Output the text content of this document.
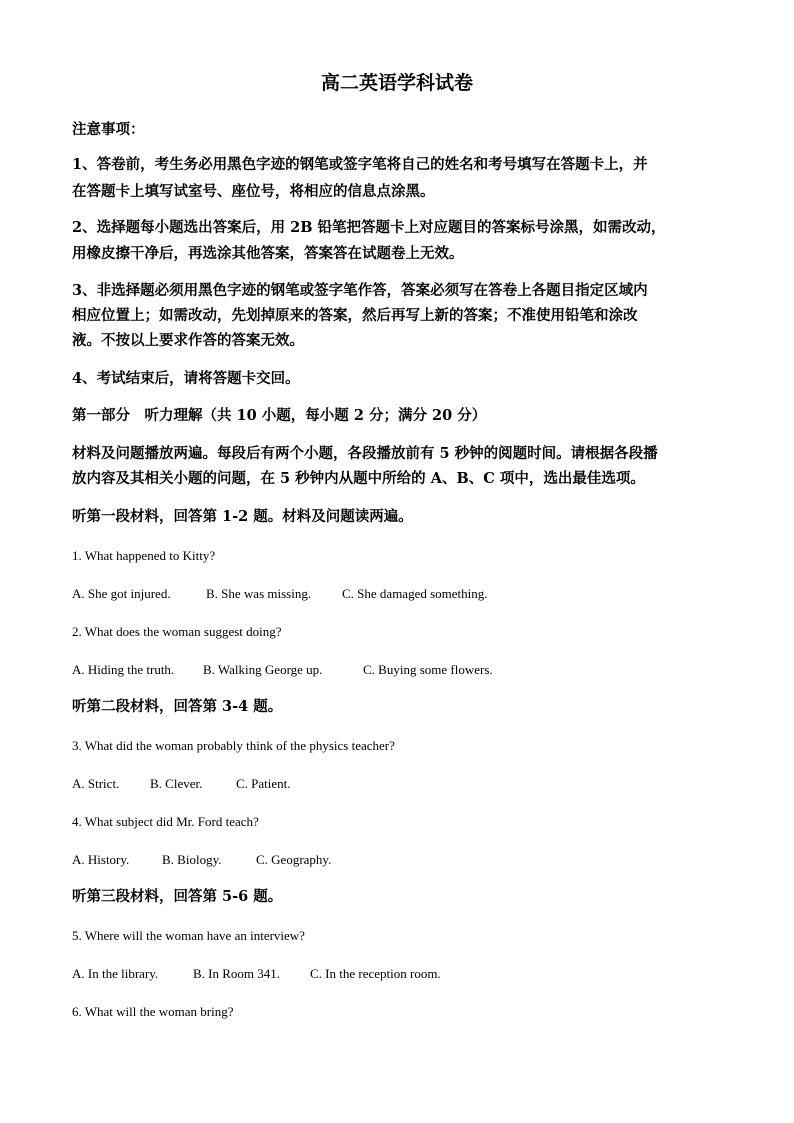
高二英语学科试卷
注意事项：
1、答卷前，考生务必用黑色字迹的钢笔或签字笔将自己的姓名和考号填写在答题卡上，并
在答题卡上填写试室号、座位号，将相应的信息点涂黑。
2、选择题每小题选出答案后，用 2B 铅笔把答题卡上对应题目的答案标号涂黑，如需改动，
用橡皮擦干净后，再选涂其他答案，答案答在试题卷上无效。
3、非选择题必须用黑色字迹的钢笔或签字笔作答，答案必须写在答卷上各题目指定区域内
相应位置上；如需改动，先划掉原来的答案，然后再写上新的答案；不准使用铅笔和涂改
液。不按以上要求作答的答案无效。
4、考试结束后，请将答题卡交回。
第一部分　听力理解（共 10 小题，每小题 2 分；满分 20 分）
材料及问题播放两遍。每段后有两个小题，各段播放前有 5 秒钟的阅题时间。请根据各段播
放内容及其相关小题的问题，在 5 秒钟内从题中所给的 A、B、C 项中，选出最佳选项。
听第一段材料，回答第 1-2 题。材料及问题读两遍。
1. What happened to Kitty?
A. She got injured.	B. She was missing. C. She damaged something.
2. What does the woman suggest doing?
A. Hiding the truth. B. Walking George up.	C. Buying some flowers.
听第二段材料，回答第 3-4 题。
3. What did the woman probably think of the physics teacher?
A. Strict. B. Clever.	C. Patient.
4. What subject did Mr. Ford teach?
A. History.	B. Biology.	C. Geography.
听第三段材料，回答第 5-6 题。
5. Where will the woman have an interview?
A. In the library.	B. In Room 341. C. In the reception room.
6. What will the woman bring?
